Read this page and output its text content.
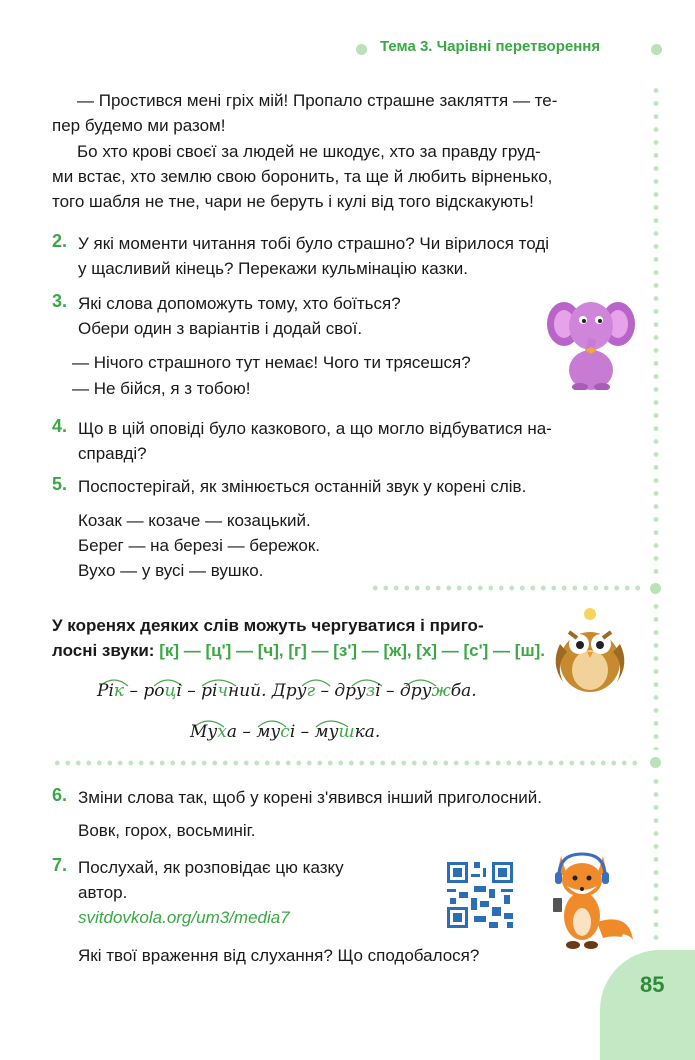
Тема 3. Чарівні перетворення
— Простився мені гріх мій! Пропало страшне закляття — те-
пер будемо ми разом!
Бо хто крові своєї за людей не шкодує, хто за правду груд-
ми встає, хто землю свою боронить, та ще й любить вірненько,
того шабля не тне, чари не беруть і кулі від того відскакують!
2. У які моменти читання тобі було страшно? Чи вірилося тоді
у щасливий кінець? Перекажи кульмінацію казки.
3. Які слова допоможуть тому, хто боїться?
Обери один з варіантів і додай свої.
— Нічого страшного тут немає! Чого ти трясешся?
— Не бійся, я з тобою!
4. Що в цій оповіді було казкового, а що могло відбуватися на-
справді?
5. Поспостерігай, як змінюється останній звук у корені слів.
Козак — козаче — козацький.
Берег — на березі — бережок.
Вухо — у вусі — вушко.
У коренях деяких слів можуть чергуватися і приго-
лосні звуки: [к] — [ц'] — [ч], [г] — [з'] — [ж], [х] — [с'] — [ш].
Рік – році – річний. Друг – друзі – дружба.
Муха – мусі – мушка.
6. Зміни слова так, щоб у корені з'явився інший приголосний.
Вовк, горох, восьминіг.
7. Послухай, як розповідає цю казку
автор.
svitdovkola.org/um3/media7
Які твої враження від слухання? Що сподобалося?
85
